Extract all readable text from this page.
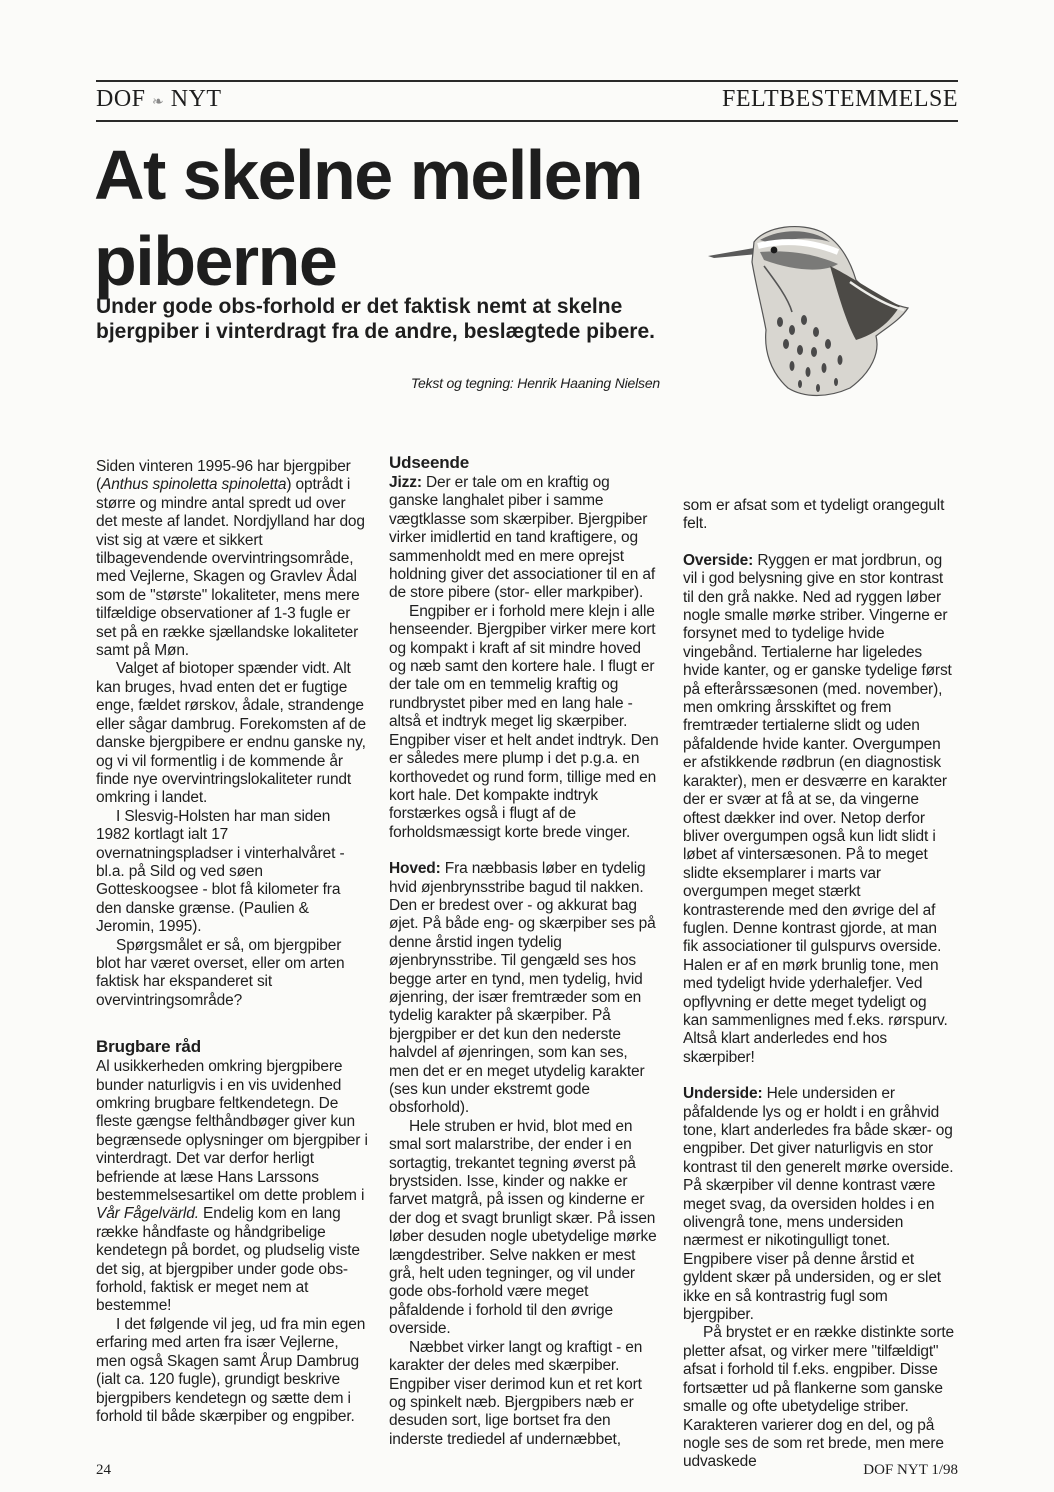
DOF ❧ NYT	FELTBESTEMMELSE
At skelne mellem
piberne

Under gode obs-forhold er det faktisk nemt at skelne bjergpiber i vinterdragt fra de andre, beslægtede pibere.

Tekst og tegning: Henrik Haaning Nielsen

Siden vinteren 1995-96 har bjergpiber (Anthus spinoletta spinoletta) optrådt i større og mindre antal spredt ud over det meste af landet. Nordjylland har dog vist sig at være et sikkert tilbagevendende overvintringsområde, med Vejlerne, Skagen og Gravlev Ådal som de "største" lokaliteter, mens mere tilfældige observationer af 1-3 fugle er set på en række sjællandske lokaliteter samt på Møn.

Valget af biotoper spænder vidt. Alt kan bruges, hvad enten det er fugtige enge, fældet rørskov, ådale, strandenge eller sågar dambrug. Forekomsten af de danske bjergpibere er endnu ganske ny, og vi vil formentlig i de kommende år finde nye overvintringslokaliteter rundt omkring i landet.

I Slesvig-Holsten har man siden 1982 kortlagt ialt 17 overnatningspladser i vinterhalvåret - bl.a. på Sild og ved søen Gotteskoogsee - blot få kilometer fra den danske grænse. (Paulien & Jeromin, 1995).

Spørgsmålet er så, om bjergpiber blot har været overset, eller om arten faktisk har ekspanderet sit overvintringsområde?

Brugbare råd

Al usikkerheden omkring bjergpibere bunder naturligvis i en vis uvidenhed omkring brugbare feltkendetegn. De fleste gængse felthåndbøger giver kun begrænsede oplysninger om bjergpiber i vinterdragt. Det var derfor herligt befriende at læse Hans Larssons bestemmelsesartikel om dette problem i Vår Fågelvärld. Endelig kom en lang række håndfaste og håndgribelige kendetegn på bordet, og pludselig viste det sig, at bjergpiber under gode obs-forhold, faktisk er meget nem at bestemme!

I det følgende vil jeg, ud fra min egen erfaring med arten fra især Vejlerne, men også Skagen samt Årup Dambrug (ialt ca. 120 fugle), grundigt beskrive bjergpibers kendetegn og sætte dem i forhold til både skærpiber og engpiber.

Udseende

Jizz: Der er tale om en kraftig og ganske langhalet piber i samme vægtklasse som skærpiber. Bjergpiber virker imidlertid en tand kraftigere, og sammenholdt med en mere oprejst holdning giver det associationer til en af de store pibere (stor- eller markpiber).

Engpiber er i forhold mere klejn i alle henseender. Bjergpiber virker mere kort og kompakt i kraft af sit mindre hoved og næb samt den kortere hale. I flugt er der tale om en temmelig kraftig og rundbrystet piber med en lang hale - altså et indtryk meget lig skærpiber. Engpiber viser et helt andet indtryk. Den er således mere plump i det p.g.a. en korthovedet og rund form, tillige med en kort hale. Det kompakte indtryk forstærkes også i flugt af de forholdsmæssigt korte brede vinger.

Hoved: Fra næbbasis løber en tydelig hvid øjenbrynsstribe bagud til nakken. Den er bredest over - og akkurat bag øjet. På både eng- og skærpiber ses på denne årstid ingen tydelig øjenbrynsstribe. Til gengæld ses hos begge arter en tynd, men tydelig, hvid øjenring, der især fremtræder som en tydelig karakter på skærpiber. På bjergpiber er det kun den nederste halvdel af øjenringen, som kan ses, men det er en meget utydelig karakter (ses kun under ekstremt gode obsforhold).

Hele struben er hvid, blot med en smal sort malarstribe, der ender i en sortagtig, trekantet tegning øverst på brystsiden. Isse, kinder og nakke er farvet matgrå, på issen og kinderne er der dog et svagt brunligt skær. På issen løber desuden nogle ubetydelige mørke længdestriber. Selve nakken er mest grå, helt uden tegninger, og vil under gode obs-forhold være meget påfaldende i forhold til den øvrige overside.

Næbbet virker langt og kraftigt - en karakter der deles med skærpiber. Engpiber viser derimod kun et ret kort og spinkelt næb. Bjergpibers næb er desuden sort, lige bortset fra den inderste trediedel af undernæbbet,

som er afsat som et tydeligt orangegult felt.

Overside: Ryggen er mat jordbrun, og vil i god belysning give en stor kontrast til den grå nakke. Ned ad ryggen løber nogle smalle mørke striber. Vingerne er forsynet med to tydelige hvide vingebånd. Tertialerne har ligeledes hvide kanter, og er ganske tydelige først på efterårssæsonen (med. november), men omkring årsskiftet og frem fremtræder tertialerne slidt og uden påfaldende hvide kanter. Overgumpen er afstikkende rødbrun (en diagnostisk karakter), men er desværre en karakter der er svær at få at se, da vingerne oftest dækker ind over. Netop derfor bliver overgumpen også kun lidt slidt i løbet af vintersæsonen. På to meget slidte eksemplarer i marts var overgumpen meget stærkt kontrasterende med den øvrige del af fuglen. Denne kontrast gjorde, at man fik associationer til gulspurvs overside. Halen er af en mørk brunlig tone, men med tydeligt hvide yderhalefjer. Ved opflyvning er dette meget tydeligt og kan sammenlignes med f.eks. rørspurv. Altså klart anderledes end hos skærpiber!

Underside: Hele undersiden er påfaldende lys og er holdt i en gråhvid tone, klart anderledes fra både skær- og engpiber. Det giver naturligvis en stor kontrast til den generelt mørke overside. På skærpiber vil denne kontrast være meget svag, da oversiden holdes i en olivengrå tone, mens undersiden nærmest er nikotingulligt tonet. Engpibere viser på denne årstid et gyldent skær på undersiden, og er slet ikke en så kontrastrig fugl som bjergpiber.

På brystet er en række distinkte sorte pletter afsat, og virker mere "tilfældigt" afsat i forhold til f.eks. engpiber. Disse fortsætter ud på flankerne som ganske smalle og ofte ubetydelige striber. Karakteren varierer dog en del, og på nogle ses de som ret brede, men mere udvaskede

24	DOF NYT 1/98
